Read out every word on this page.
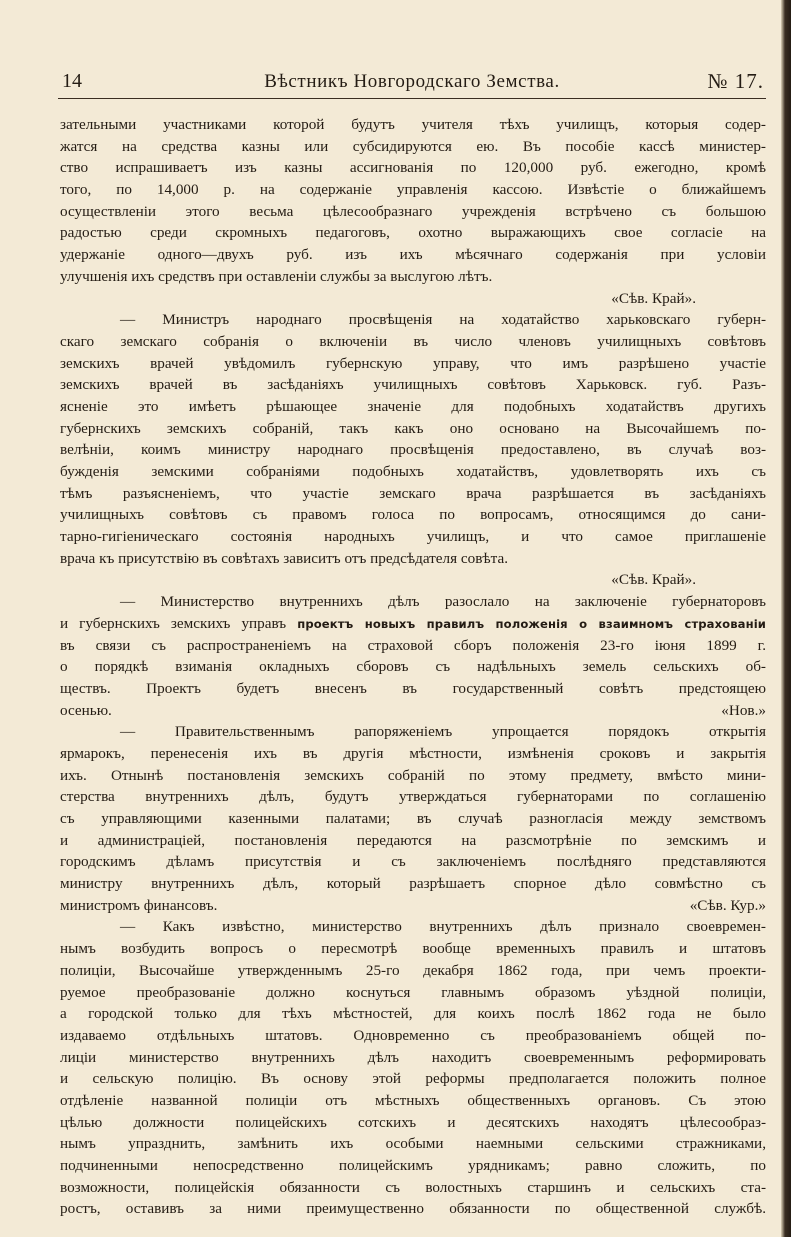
14	Вѣстникъ Новгородскаго Земства.	№ 17.
зательными участниками которой будутъ учителя тѣхъ училищъ, которыя содер-
жатся на средства казны или субсидируются ею. Въ пособіе кассѣ министер-
ство испрашиваетъ изъ казны ассигнованія по 120,000 руб. ежегодно, кромѣ
того, по 14,000 р. на содержаніе управленія кассою. Извѣстіе о ближайшемъ
осуществленіи этого весьма цѣлесообразнаго учрежденія встрѣчено съ большою
радостью среди скромныхъ педагоговъ, охотно выражающихъ свое согласіе на
удержаніе одного—двухъ руб. изъ ихъ мѣсячнаго содержанія при условіи
улучшенія ихъ средствъ при оставленіи службы за выслугою лѣтъ.
«Сѣв. Край».
— Министръ народнаго просвѣщенія на ходатайство харьковскаго губерн-
скаго земскаго собранія о включеніи въ число членовъ училищныхъ совѣтовъ
земскихъ врачей увѣдомилъ губернскую управу, что имъ разрѣшено участіе
земскихъ врачей въ засѣданіяхъ училищныхъ совѣтовъ Харьковск. губ. Разъ-
ясненіе это имѣетъ рѣшающее значеніе для подобныхъ ходатайствъ другихъ
губернскихъ земскихъ собраній, такъ какъ оно основано на Высочайшемъ по-
велѣніи, коимъ министру народнаго просвѣщенія предоставлено, въ случаѣ воз-
бужденія земскими собраніями подобныхъ ходатайствъ, удовлетворять ихъ съ
тѣмъ разъясненіемъ, что участіе земскаго врача разрѣшается въ засѣданіяхъ
училищныхъ совѣтовъ съ правомъ голоса по вопросамъ, относящимся до сани-
тарно-гигіеническаго состоянія народныхъ училищъ, и что самое приглашеніе
врача къ присутствію въ совѣтахъ зависитъ отъ предсѣдателя совѣта.
«Сѣв. Край».
— Министерство внутреннихъ дѣлъ разослало на заключеніе губернаторовъ
и губернскихъ земскихъ управъ проектъ новыхъ правилъ положенія о взаимномъ страхованіи
въ связи съ распространеніемъ на страховой сборъ положенія 23-го іюня 1899 г.
о порядкѣ взиманія окладныхъ сборовъ съ надѣльныхъ земель сельскихъ об-
ществъ. Проектъ будетъ внесенъ въ государственный совѣтъ предстоящею
осенью.	«Нов.»
— Правительственнымъ рапоряженіемъ упрощается порядокъ открытія
ярмарокъ, перенесенія ихъ въ другія мѣстности, измѣненія сроковъ и закрытія
ихъ. Отнынѣ постановленія земскихъ собраній по этому предмету, вмѣсто мини-
стерства внутреннихъ дѣлъ, будутъ утверждаться губернаторами по соглашенію
съ управляющими казенными палатами; въ случаѣ разногласія между земствомъ
и администраціей, постановленія передаются на разсмотрѣніе по земскимъ и
городскимъ дѣламъ присутствія и съ заключеніемъ послѣдняго представляются
министру внутреннихъ дѣлъ, который разрѣшаетъ спорное дѣло совмѣстно съ
министромъ финансовъ.	«Сѣв. Кур.»
— Какъ извѣстно, министерство внутреннихъ дѣлъ признало своевремен-
нымъ возбудить вопросъ о пересмотрѣ вообще временныхъ правилъ и штатовъ
полиціи, Высочайше утвержденнымъ 25-го декабря 1862 года, при чемъ проекти-
руемое преобразованіе должно коснуться главнымъ образомъ уѣздной полиціи,
а городской только для тѣхъ мѣстностей, для коихъ послѣ 1862 года не было
издаваемо отдѣльныхъ штатовъ. Одновременно съ преобразованіемъ общей по-
лиціи министерство внутреннихъ дѣлъ находитъ своевременнымъ реформировать
и сельскую полицію. Въ основу этой реформы предполагается положить полное
отдѣленіе названной полиціи отъ мѣстныхъ общественныхъ органовъ. Съ этою
цѣлью должности полицейскихъ сотскихъ и десятскихъ находятъ цѣлесообраз-
нымъ упразднить, замѣнить ихъ особыми наемными сельскими стражниками,
подчиненными непосредственно полицейскимъ урядникамъ; равно сложить, по
возможности, полицейскія обязанности съ волостныхъ старшинъ и сельскихъ ста-
ростъ, оставивъ за ними преимущественно обязанности по общественной службѣ.
